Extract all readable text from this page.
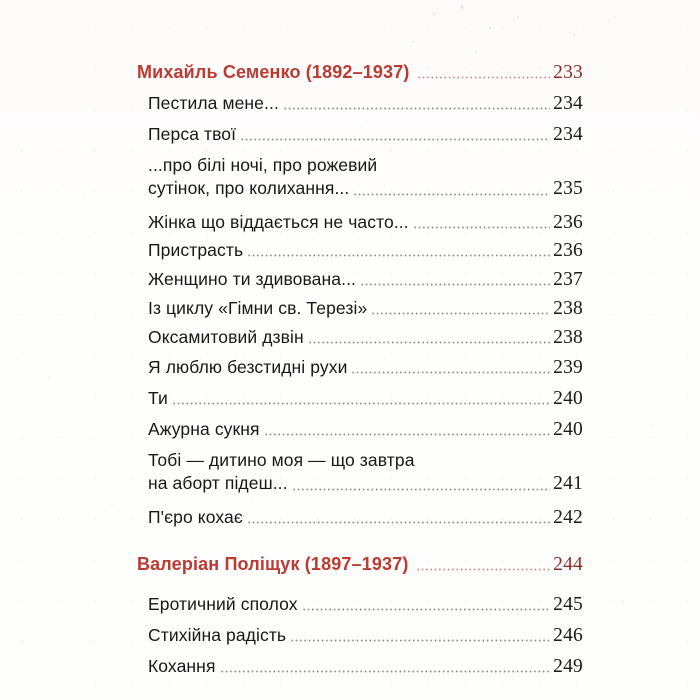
Михайль Семенко (1892–1937)	233
Пестила мене...	234
Перса твої	234
...про білі ночі, про рожевий
сутінок, про колихання...	235
Жінка що віддається не часто...	236
Пристрасть	236
Женщино ти здивована...	237
Із циклу «Гімни св. Терезі»	238
Оксамитовий дзвін	238
Я люблю безстидні рухи	239
Ти	240
Ажурна сукня	240
Тобі — дитино моя — що завтра
на аборт підеш...	241
П'єро кохає	242
Валеріан Поліщук (1897–1937)	244
Еротичний сполох	245
Стихійна радість	246
Кохання	249
